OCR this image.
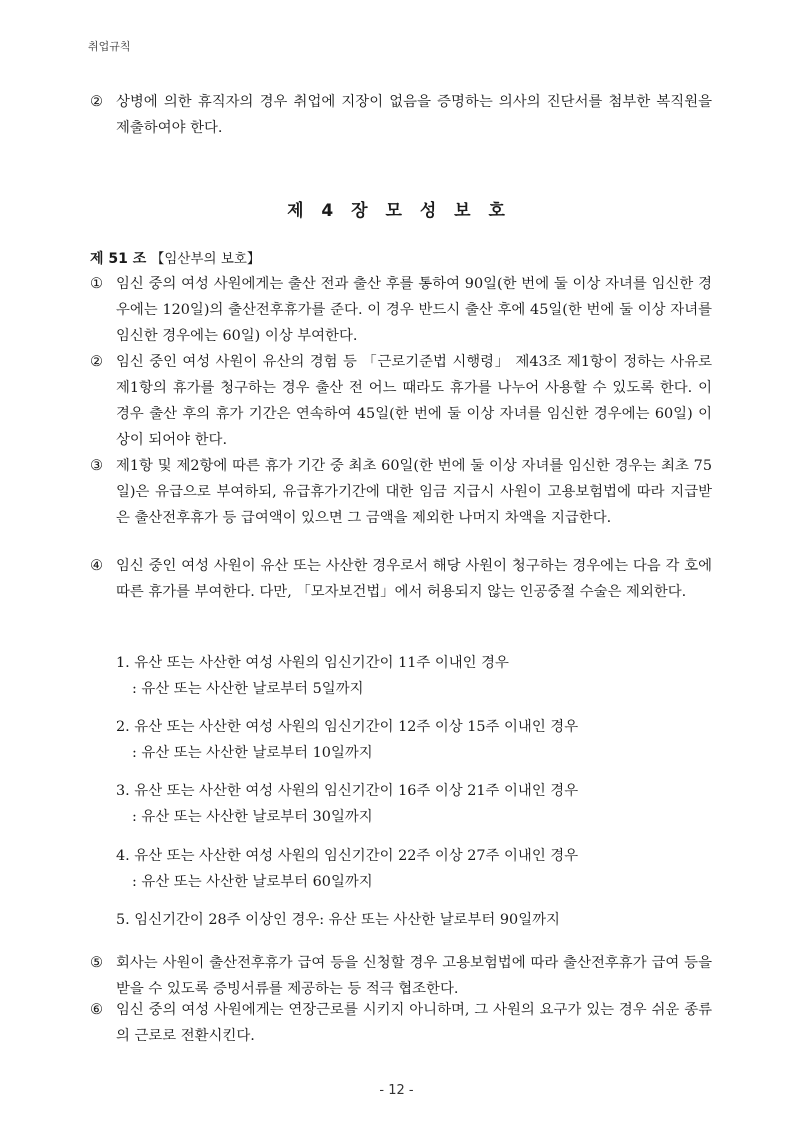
취업규칙
② 상병에 의한 휴직자의 경우 취업에 지장이 없음을 증명하는 의사의 진단서를 첨부한 복직원을 제출하여야 한다.
제 4 장 모 성 보 호
제 51 조 【임산부의 보호】
① 임신 중의 여성 사원에게는 출산 전과 출산 후를 통하여 90일(한 번에 둘 이상 자녀를 임신한 경우에는 120일)의 출산전후휴가를 준다. 이 경우 반드시 출산 후에 45일(한 번에 둘 이상 자녀를 임신한 경우에는 60일) 이상 부여한다.
② 임신 중인 여성 사원이 유산의 경험 등 「근로기준법 시행령」 제43조 제1항이 정하는 사유로 제1항의 휴가를 청구하는 경우 출산 전 어느 때라도 휴가를 나누어 사용할 수 있도록 한다. 이 경우 출산 후의 휴가 기간은 연속하여 45일(한 번에 둘 이상 자녀를 임신한 경우에는 60일) 이상이 되어야 한다.
③ 제1항 및 제2항에 따른 휴가 기간 중 최초 60일(한 번에 둘 이상 자녀를 임신한 경우는 최초 75일)은 유급으로 부여하되, 유급휴가기간에 대한 임금 지급시 사원이 고용보험법에 따라 지급받은 출산전후휴가 등 급여액이 있으면 그 금액을 제외한 나머지 차액을 지급한다.
④ 임신 중인 여성 사원이 유산 또는 사산한 경우로서 해당 사원이 청구하는 경우에는 다음 각 호에 따른 휴가를 부여한다. 다만, 「모자보건법」에서 허용되지 않는 인공중절 수술은 제외한다.
1. 유산 또는 사산한 여성 사원의 임신기간이 11주 이내인 경우
: 유산 또는 사산한 날로부터 5일까지
2. 유산 또는 사산한 여성 사원의 임신기간이 12주 이상 15주 이내인 경우
: 유산 또는 사산한 날로부터 10일까지
3. 유산 또는 사산한 여성 사원의 임신기간이 16주 이상 21주 이내인 경우
: 유산 또는 사산한 날로부터 30일까지
4. 유산 또는 사산한 여성 사원의 임신기간이 22주 이상 27주 이내인 경우
: 유산 또는 사산한 날로부터 60일까지
5. 임신기간이 28주 이상인 경우: 유산 또는 사산한 날로부터 90일까지
⑤ 회사는 사원이 출산전후휴가 급여 등을 신청할 경우 고용보험법에 따라 출산전후휴가 급여 등을 받을 수 있도록 증빙서류를 제공하는 등 적극 협조한다.
⑥ 임신 중의 여성 사원에게는 연장근로를 시키지 아니하며, 그 사원의 요구가 있는 경우 쉬운 종류의 근로로 전환시킨다.
- 12 -
